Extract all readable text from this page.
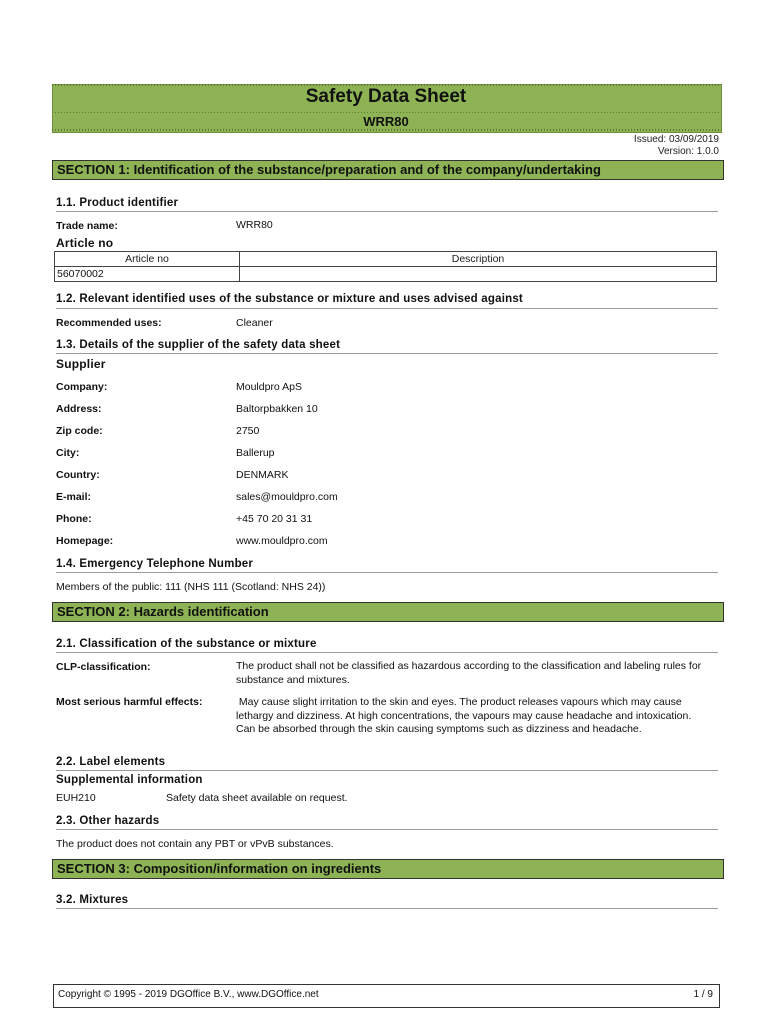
Safety Data Sheet
WRR80
Issued: 03/09/2019
Version: 1.0.0
SECTION 1: Identification of the substance/preparation and of the company/undertaking
1.1. Product identifier
Trade name:	WRR80
Article no
Article no	Description
56070002	
1.2. Relevant identified uses of the substance or mixture and uses advised against
Recommended uses:	Cleaner
1.3. Details of the supplier of the safety data sheet
Supplier
Company:	Mouldpro ApS
Address:	Baltorpbakken 10
Zip code:	2750
City:	Ballerup
Country:	DENMARK
E-mail:	sales@mouldpro.com
Phone:	+45 70 20 31 31
Homepage:	www.mouldpro.com
1.4. Emergency Telephone Number
Members of the public: 111 (NHS 111 (Scotland: NHS 24))
SECTION 2: Hazards identification
2.1. Classification of the substance or mixture
CLP-classification:	The product shall not be classified as hazardous according to the classification and labeling rules for substance and mixtures.
Most serious harmful effects:	May cause slight irritation to the skin and eyes. The product releases vapours which may cause lethargy and dizziness. At high concentrations, the vapours may cause headache and intoxication. Can be absorbed through the skin causing symptoms such as dizziness and headache.
2.2. Label elements
Supplemental information
EUH210	Safety data sheet available on request.
2.3. Other hazards
The product does not contain any PBT or vPvB substances.
SECTION 3: Composition/information on ingredients
3.2. Mixtures
Copyright © 1995 - 2019 DGOffice B.V., www.DGOffice.net	1 / 9
